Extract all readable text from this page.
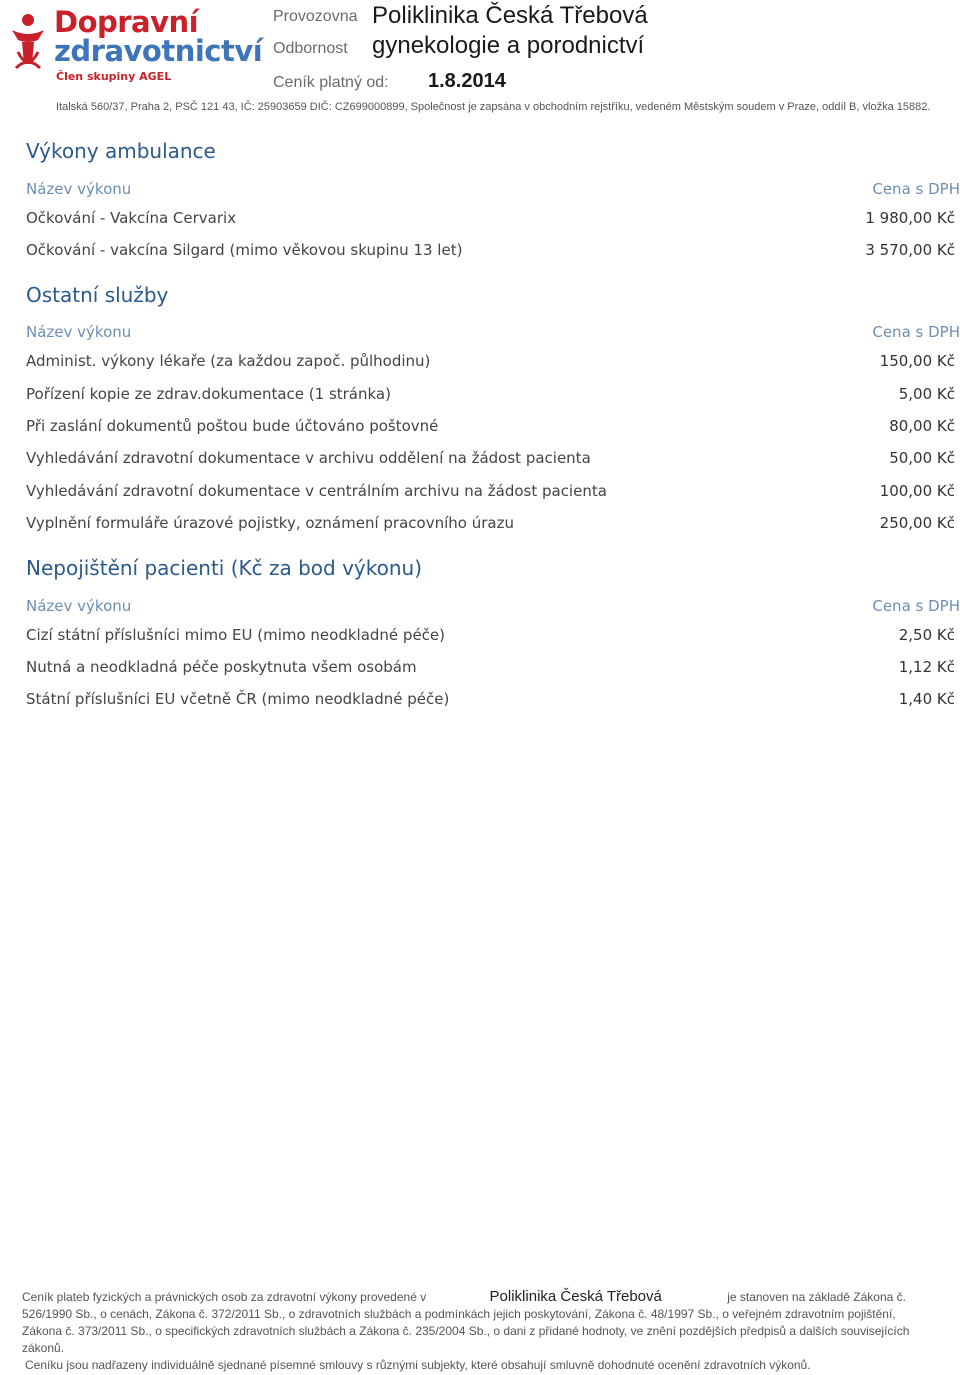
Dopravní
zdravotnictví
Člen skupiny AGEL
Provozovna Poliklinika Česká Třebová
Odbornost gynekologie a porodnictví
Ceník platný od: 1.8.2014
Italská 560/37, Praha 2, PSČ 121 43, IČ: 25903659 DIČ: CZ699000899, Společnost je zapsána v obchodním rejstříku, vedeném Městským soudem v Praze, oddíl B, vložka 15882.
Výkony ambulance
Název výkonu	Cena s DPH
Očkování - Vakcína Cervarix	1 980,00 Kč
Očkování - vakcína Silgard (mimo věkovou skupinu 13 let)	3 570,00 Kč
Ostatní služby
Název výkonu	Cena s DPH
Administ. výkony lékaře (za každou započ. půlhodinu)	150,00 Kč
Pořízení kopie ze zdrav.dokumentace (1 stránka)	5,00 Kč
Při zaslání dokumentů poštou bude účtováno poštovné	80,00 Kč
Vyhledávání zdravotní dokumentace v archivu oddělení na žádost pacienta	50,00 Kč
Vyhledávání zdravotní dokumentace v centrálním archivu na žádost pacienta	100,00 Kč
Vyplnění formuláře úrazové pojistky, oznámení pracovního úrazu	250,00 Kč
Nepojištění pacienti (Kč za bod výkonu)
Název výkonu	Cena s DPH
Cizí státní příslušníci mimo EU (mimo neodkladné péče)	2,50 Kč
Nutná a neodkladná péče poskytnuta všem osobám	1,12 Kč
Státní příslušníci EU včetně ČR (mimo neodkladné péče)	1,40 Kč
Ceník plateb fyzických a právnických osob za zdravotní výkony provedené v	Poliklinika Česká Třebová	je stanoven na základě Zákona č.
526/1990 Sb., o cenách, Zákona č. 372/2011 Sb., o zdravotních službách a podmínkách jejich poskytování, Zákona č. 48/1997 Sb., o veřejném zdravotním pojištění,
Zákona č. 373/2011 Sb., o specifických zdravotních službách a Zákona č. 235/2004 Sb., o dani z přidané hodnoty, ve znění pozdějších předpisů a dalších souvisejících
zákonů.
Ceníku jsou nadřazeny individuálně sjednané písemné smlouvy s různými subjekty, které obsahují smluvně dohodnuté ocenění zdravotních výkonů.
